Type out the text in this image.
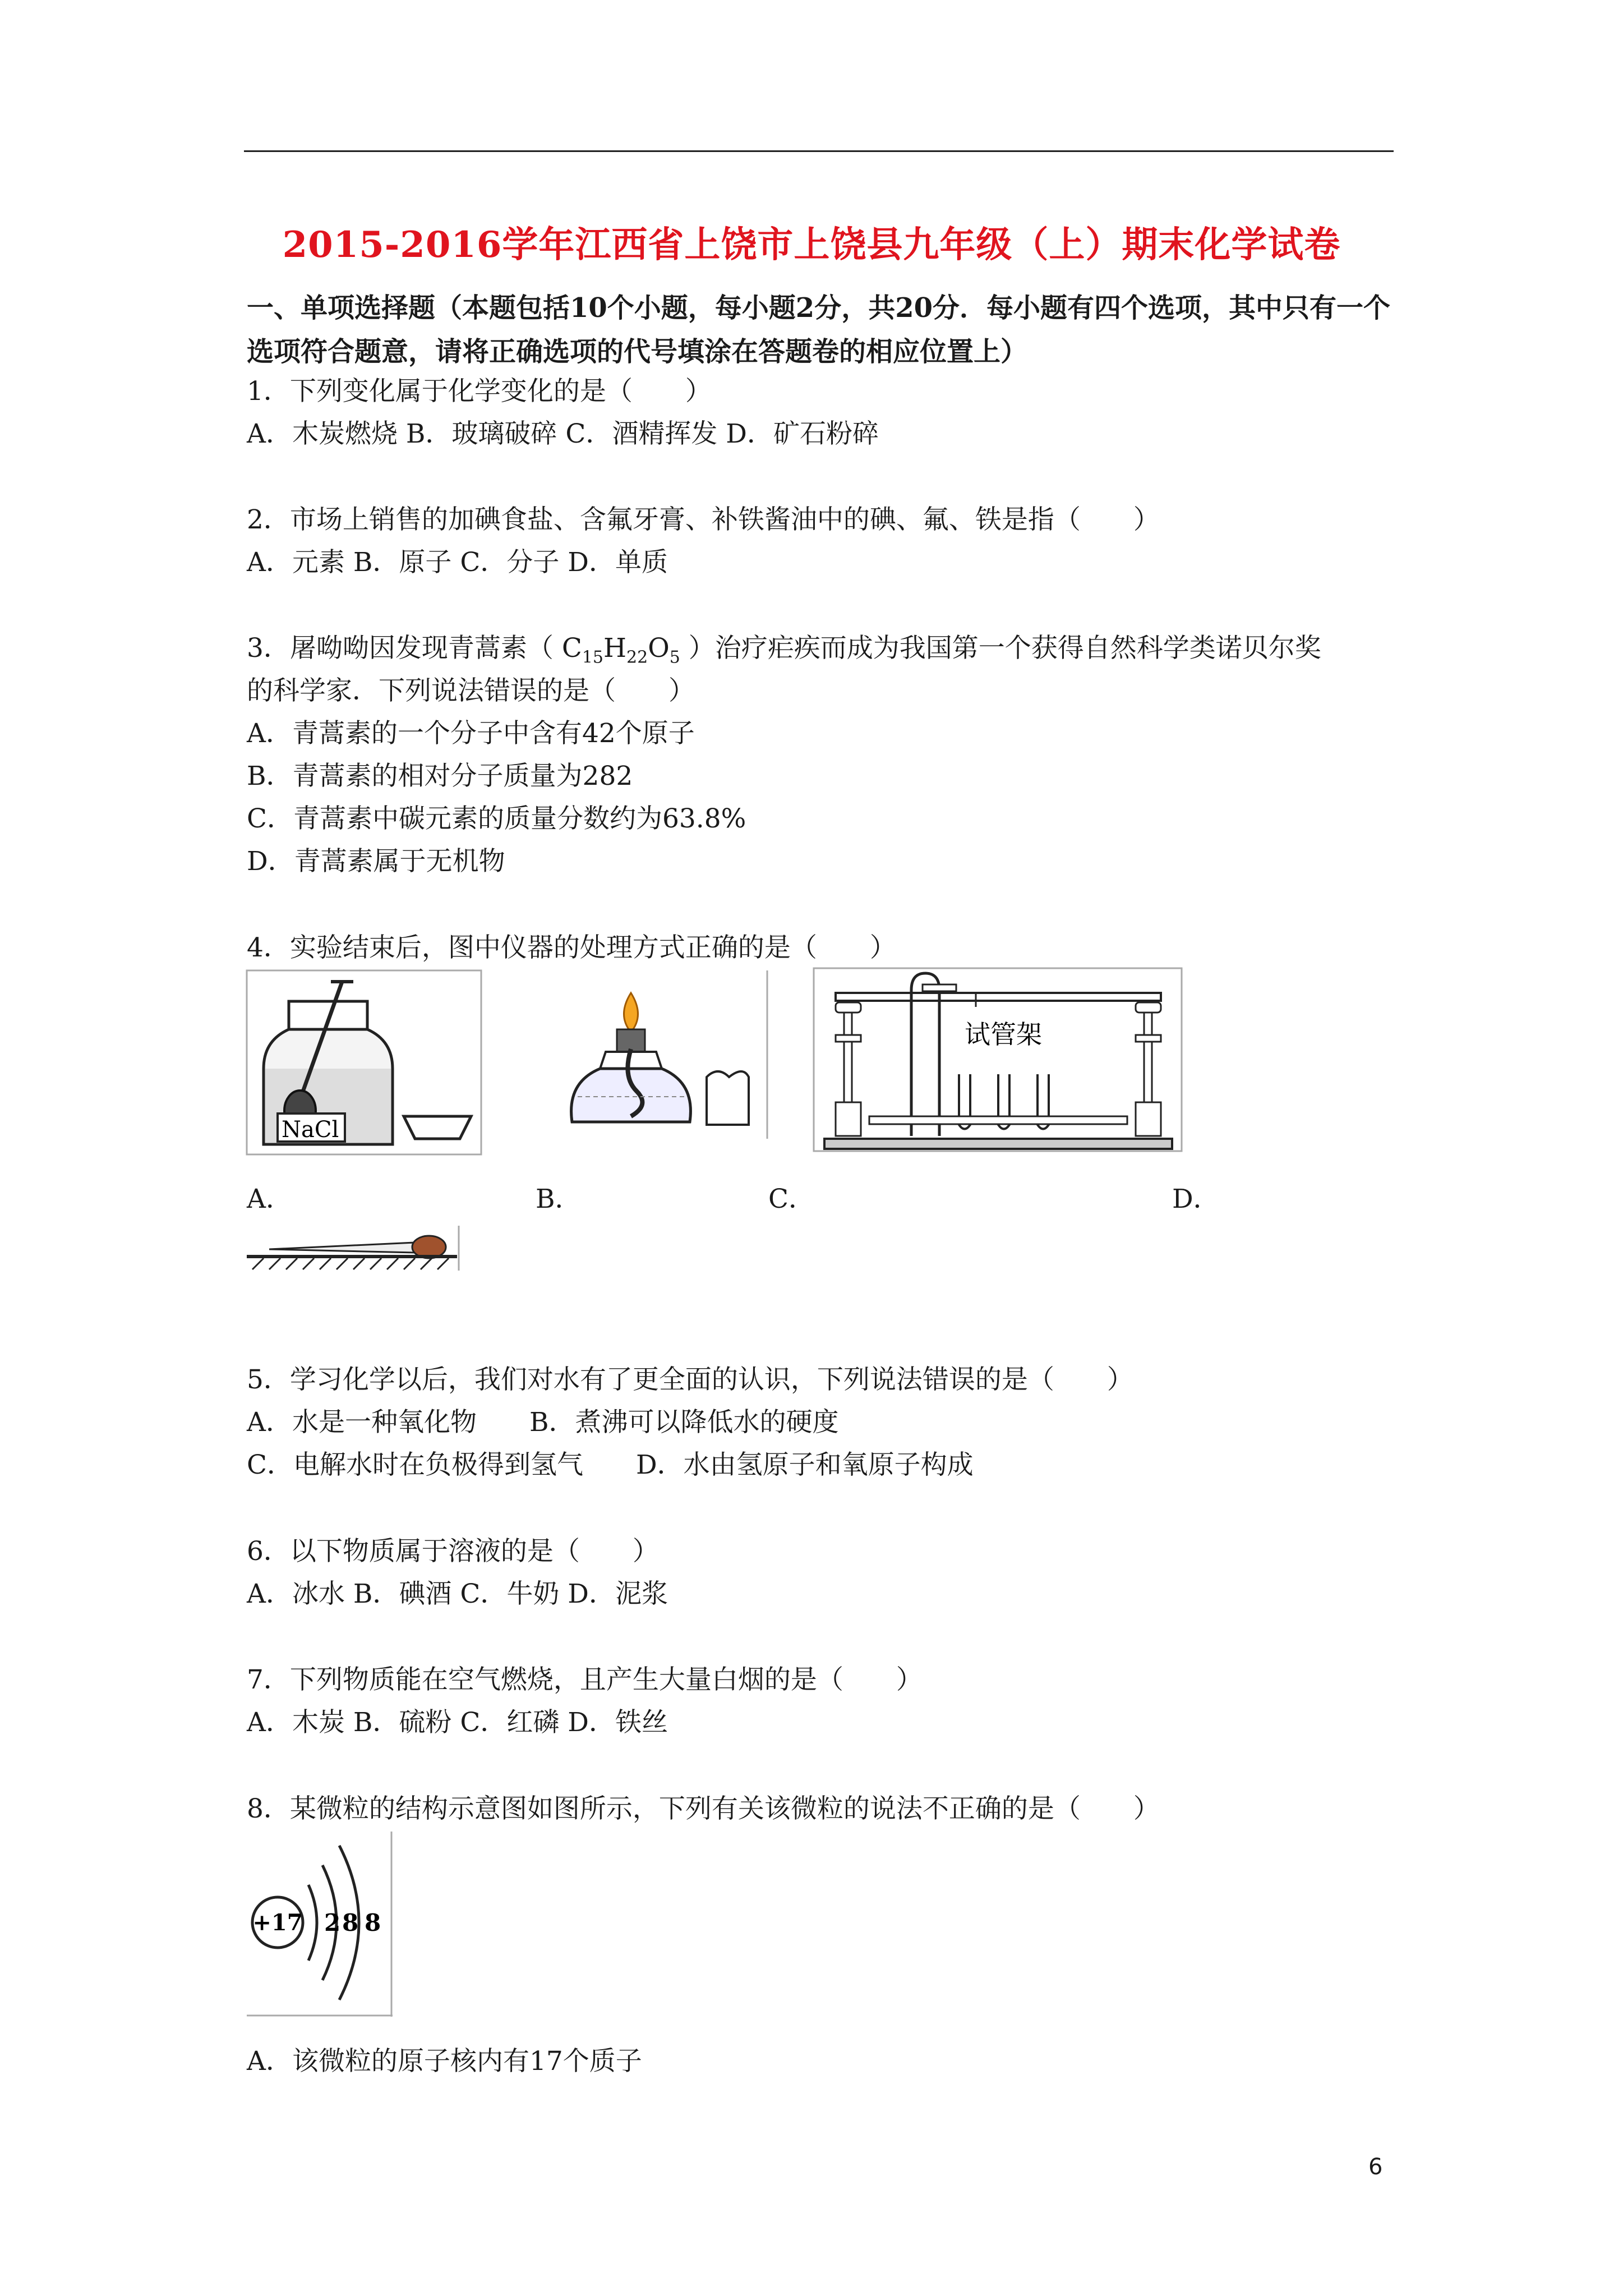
2015-2016学年江西省上饶市上饶县九年级（上）期末化学试卷
一、单项选择题（本题包括10个小题，每小题2分，共20分．每小题有四个选项，其中只有一个选项符合题意，请将正确选项的代号填涂在答题卷的相应位置上）
1．下列变化属于化学变化的是（　　）
A．木炭燃烧 B．玻璃破碎 C．酒精挥发 D．矿石粉碎
2．市场上销售的加碘食盐、含氟牙膏、补铁酱油中的碘、氟、铁是指（　　）
A．元素 B．原子 C．分子 D．单质
3．屠呦呦因发现青蒿素（ $C_{15}H_{22}O_5$ ）治疗疟疾而成为我国第一个获得自然科学类诺贝尔奖
的科学家．下列说法错误的是（　　）
A．青蒿素的一个分子中含有42个原子
B．青蒿素的相对分子质量为282
C．青蒿素中碳元素的质量分数约为63.8%
D．青蒿素属于无机物
4．实验结束后，图中仪器的处理方式正确的是（　　）
NaCl
试管架
A．	B．	C．	D．
5．学习化学以后，我们对水有了更全面的认识，下列说法错误的是（　　）
A．水是一种氧化物　　B．煮沸可以降低水的硬度
C．电解水时在负极得到氢气　　D．水由氢原子和氧原子构成
6．以下物质属于溶液的是（　　）
A．冰水 B．碘酒 C．牛奶 D．泥浆
7．下列物质能在空气燃烧，且产生大量白烟的是（　　）
A．木炭 B．硫粉 C．红磷 D．铁丝
8．某微粒的结构示意图如图所示，下列有关该微粒的说法不正确的是（　　）
+17 2 8 8
A．该微粒的原子核内有17个质子
6
